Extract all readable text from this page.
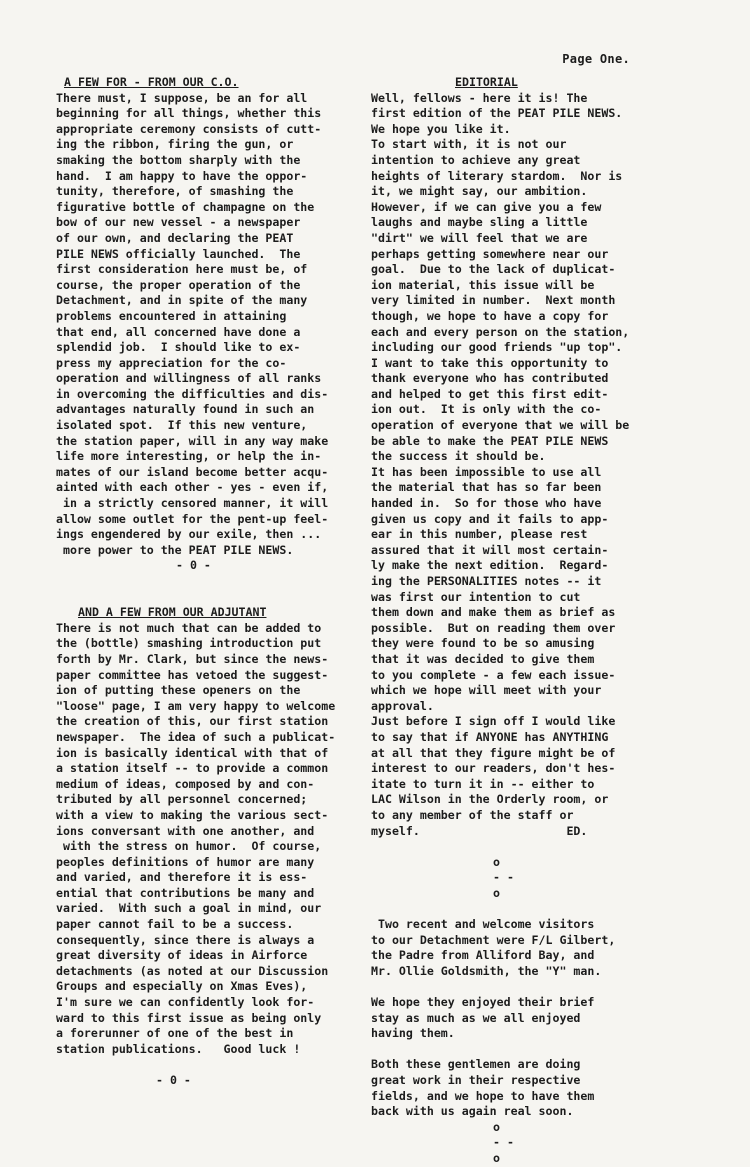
Page One.
A FEW FOR - FROM OUR C.O.
There must, I suppose, be an for all
beginning for all things, whether this
appropriate ceremony consists of cutt-
ing the ribbon, firing the gun, or
smaking the bottom sharply with the
hand.  I am happy to have the oppor-
tunity, therefore, of smashing the
figurative bottle of champagne on the
bow of our new vessel - a newspaper
of our own, and declaring the PEAT
PILE NEWS officially launched.  The
first consideration here must be, of
course, the proper operation of the
Detachment, and in spite of the many
problems encountered in attaining
that end, all concerned have done a
splendid job.  I should like to ex-
press my appreciation for the co-
operation and willingness of all ranks
in overcoming the difficulties and dis-
advantages naturally found in such an
isolated spot.  If this new venture,
the station paper, will in any way make
life more interesting, or help the in-
mates of our island become better acqu-
ainted with each other - yes - even if,
in a strictly censored manner, it will
allow some outlet for the pent-up feel-
ings engendered by our exile, then ...
more power to the PEAT PILE NEWS.
- 0 -
AND A FEW FROM OUR ADJUTANT
There is not much that can be added to
the (bottle) smashing introduction put
forth by Mr. Clark, but since the news-
paper committee has vetoed the suggest-
ion of putting these openers on the
"loose" page, I am very happy to welcome
the creation of this, our first station
newspaper.  The idea of such a publicat-
ion is basically identical with that of
a station itself -- to provide a common
medium of ideas, composed by and con-
tributed by all personnel concerned;
with a view to making the various sect-
ions conversant with one another, and
with the stress on humor.  Of course,
peoples definitions of humor are many
and varied, and therefore it is ess-
ential that contributions be many and
varied.  With such a goal in mind, our
paper cannot fail to be a success.
consequently, since there is always a
great diversity of ideas in Airforce
detachments (as noted at our Discussion
Groups and especially on Xmas Eves),
I'm sure we can confidently look for-
ward to this first issue as being only
a forerunner of one of the best in
station publications.   Good luck !
- 0 -
EDITORIAL
Well, fellows - here it is! The
first edition of the PEAT PILE NEWS.
We hope you like it.
To start with, it is not our
intention to achieve any great
heights of literary stardom.  Nor is
it, we might say, our ambition.
However, if we can give you a few
laughs and maybe sling a little
"dirt" we will feel that we are
perhaps getting somewhere near our
goal.  Due to the lack of duplicat-
ion material, this issue will be
very limited in number.  Next month
though, we hope to have a copy for
each and every person on the station,
including our good friends "up top".
I want to take this opportunity to
thank everyone who has contributed
and helped to get this first edit-
ion out.  It is only with the co-
operation of everyone that we will be
be able to make the PEAT PILE NEWS
the success it should be.
It has been impossible to use all
the material that has so far been
handed in.  So for those who have
given us copy and it fails to app-
ear in this number, please rest
assured that it will most certain-
ly make the next edition.  Regard-
ing the PERSONALITIES notes -- it
was first our intention to cut
them down and make them as brief as
possible.  But on reading them over
they were found to be so amusing
that it was decided to give them
to you complete - a few each issue-
which we hope will meet with your
approval.
Just before I sign off I would like
to say that if ANYONE has ANYTHING
at all that they figure might be of
interest to our readers, don't hes-
itate to turn it in -- either to
LAC Wilson in the Orderly room, or
to any member of the staff or
myself.                     ED.
o
- -
o
Two recent and welcome visitors
to our Detachment were F/L Gilbert,
the Padre from Alliford Bay, and
Mr. Ollie Goldsmith, the "Y" man.
We hope they enjoyed their brief
stay as much as we all enjoyed
having them.
Both these gentlemen are doing
great work in their respective
fields, and we hope to have them
back with us again real soon.
o
- -
o
